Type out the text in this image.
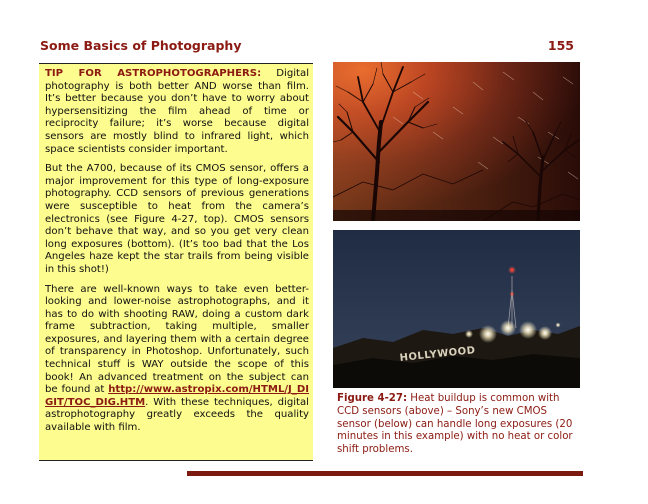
Some Basics of Photography	155

TIP FOR ASTROPHOTOGRAPHERS: Digital photography is both better AND worse than film. It’s better because you don’t have to worry about hypersensitizing the film ahead of time or reciprocity failure; it’s worse because digital sensors are mostly blind to infrared light, which space scientists consider important.

But the A700, because of its CMOS sensor, offers a major improvement for this type of long-exposure photography. CCD sensors of previous generations were susceptible to heat from the camera’s electronics (see Figure 4-27, top). CMOS sensors don’t behave that way, and so you get very clean long exposures (bottom). (It’s too bad that the Los Angeles haze kept the star trails from being visible in this shot!)

There are well-known ways to take even better-looking and lower-noise astrophotographs, and it has to do with shooting RAW, doing a custom dark frame subtraction, taking multiple, smaller exposures, and layering them with a certain degree of transparency in Photoshop. Unfortunately, such technical stuff is WAY outside the scope of this book! An advanced treatment on the subject can be found at http://www.astropix.com/HTML/J_DIGIT/TOC_DIG.HTM. With these techniques, digital astrophotography greatly exceeds the quality available with film.

HOLLYWOOD
Figure 4-27: Heat buildup is common with CCD sensors (above) – Sony’s new CMOS sensor (below) can handle long exposures (20 minutes in this example) with no heat or color shift problems.
